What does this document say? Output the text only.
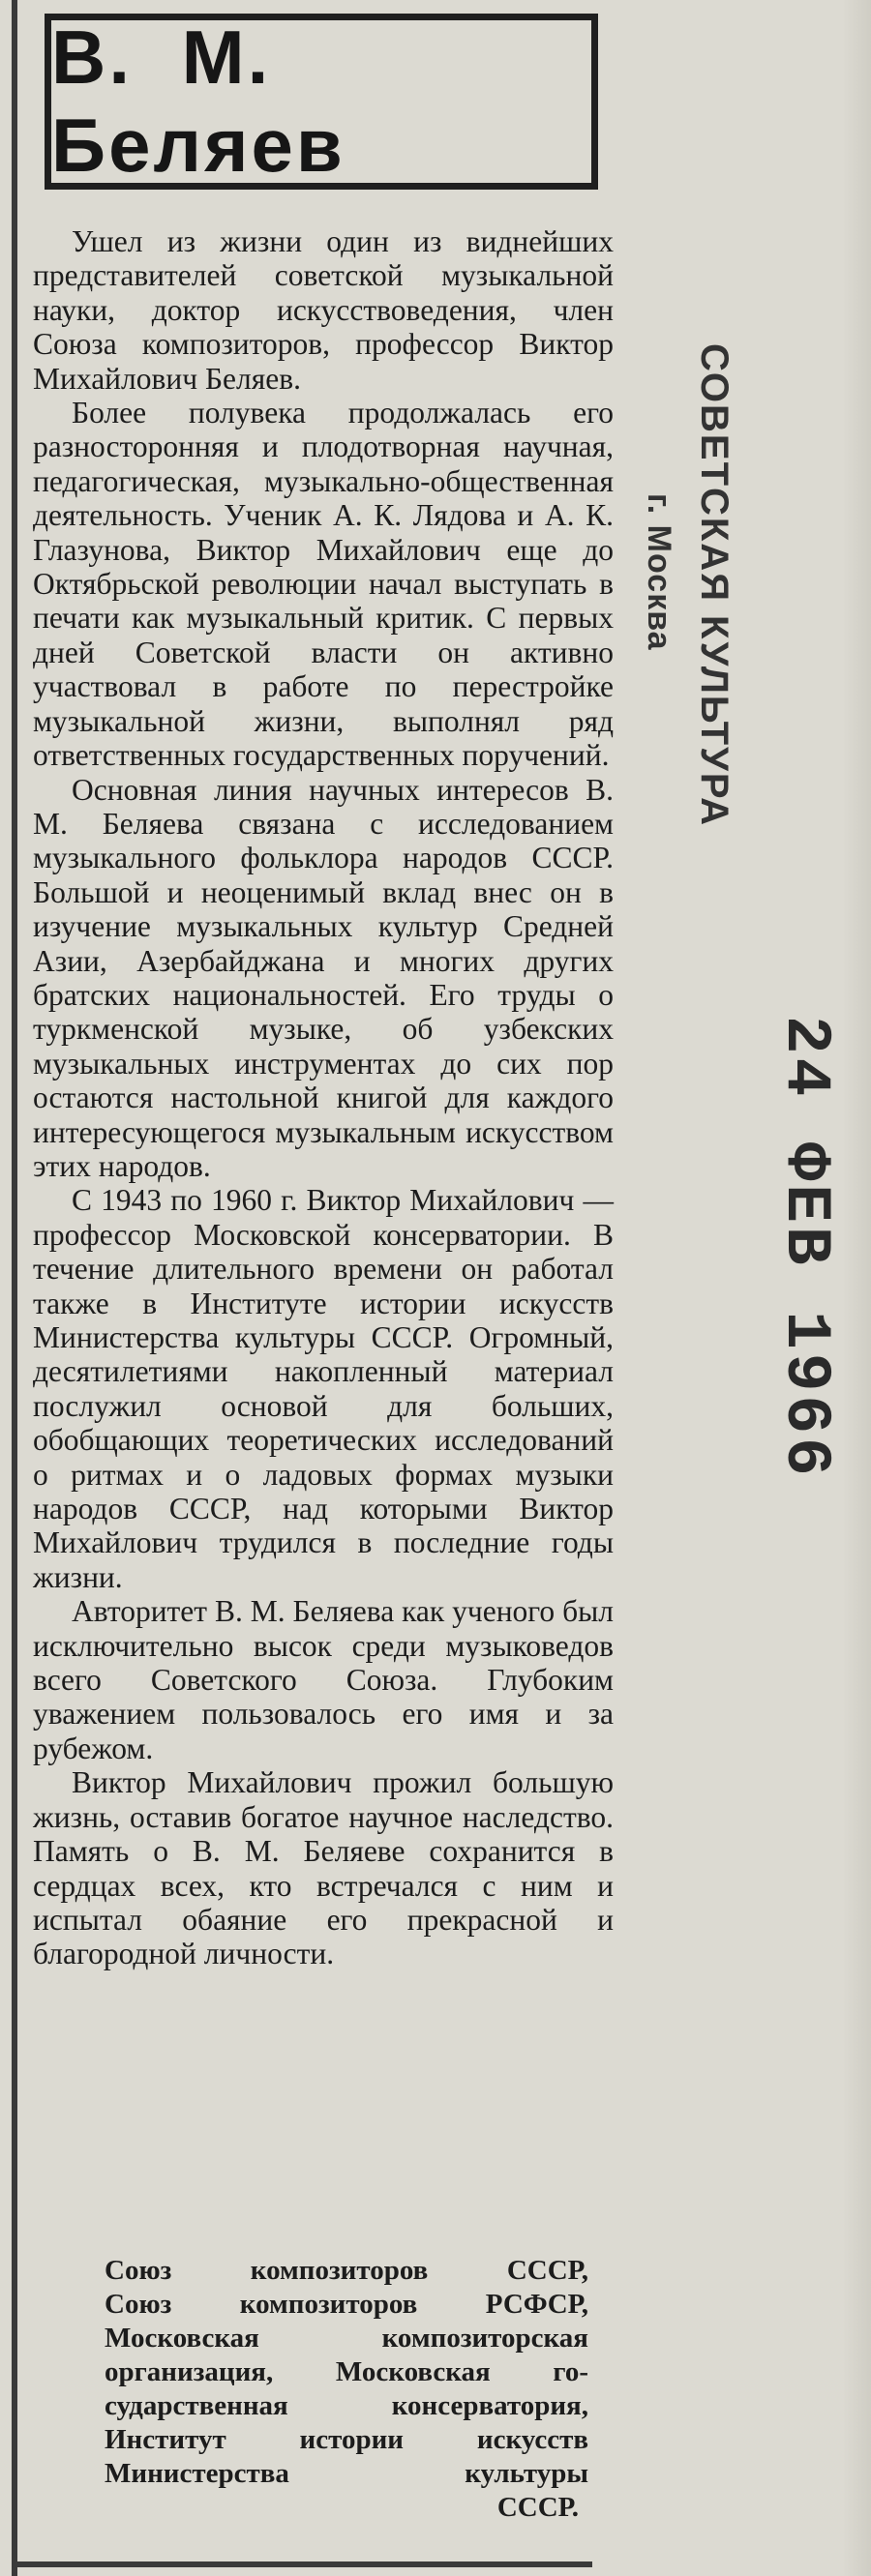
В. М. Беляев

Ушел из жизни один из виднейших представителей советской музыкальной науки, доктор искусствоведения, член Союза композиторов, профессор Виктор Михайлович Беляев.

Более полувека продолжалась его разносторонняя и плодотворная научная, педагогическая, музыкально-общественная деятельность. Ученик А. К. Лядова и А. К. Глазунова, Виктор Михайлович еще до Октябрьской революции начал выступать в печати как музыкальный критик. С первых дней Советской власти он активно участвовал в работе по перестройке музыкальной жизни, выполнял ряд ответственных государственных поручений.

Основная линия научных интересов В. М. Беляева связана с исследованием музыкального фольклора народов СССР. Большой и неоценимый вклад внес он в изучение музыкальных культур Средней Азии, Азербайджана и многих других братских национальностей. Его труды о туркменской музыке, об узбекских музыкальных инструментах до сих пор остаются настольной книгой для каждого интересующегося музыкальным искусством этих народов.

С 1943 по 1960 г. Виктор Михайлович — профессор Московской консерватории. В течение длительного времени он работал также в Институте истории искусств Министерства культуры СССР. Огромный, десятилетиями накопленный материал послужил основой для больших, обобщающих теоретических исследований о ритмах и о ладовых формах музыки народов СССР, над которыми Виктор Михайлович трудился в последние годы жизни.

Авторитет В. М. Беляева как ученого был исключительно высок среди музыковедов всего Советского Союза. Глубоким уважением пользовалось его имя и за рубежом.

Виктор Михайлович прожил большую жизнь, оставив богатое научное наследство. Память о В. М. Беляеве сохранится в сердцах всех, кто встречался с ним и испытал обаяние его прекрасной и благородной личности.

Союз	композиторов	СССР,
Союз композиторов РСФСР,
Московская	композиторская
организация, Московская го-
сударственная	консерватория,
Институт	истории	искусств
Министерства	культуры
СССР.
СОВЕТСКАЯ КУЛЬТУРА
г. Москва
24 ФЕВ 1966
